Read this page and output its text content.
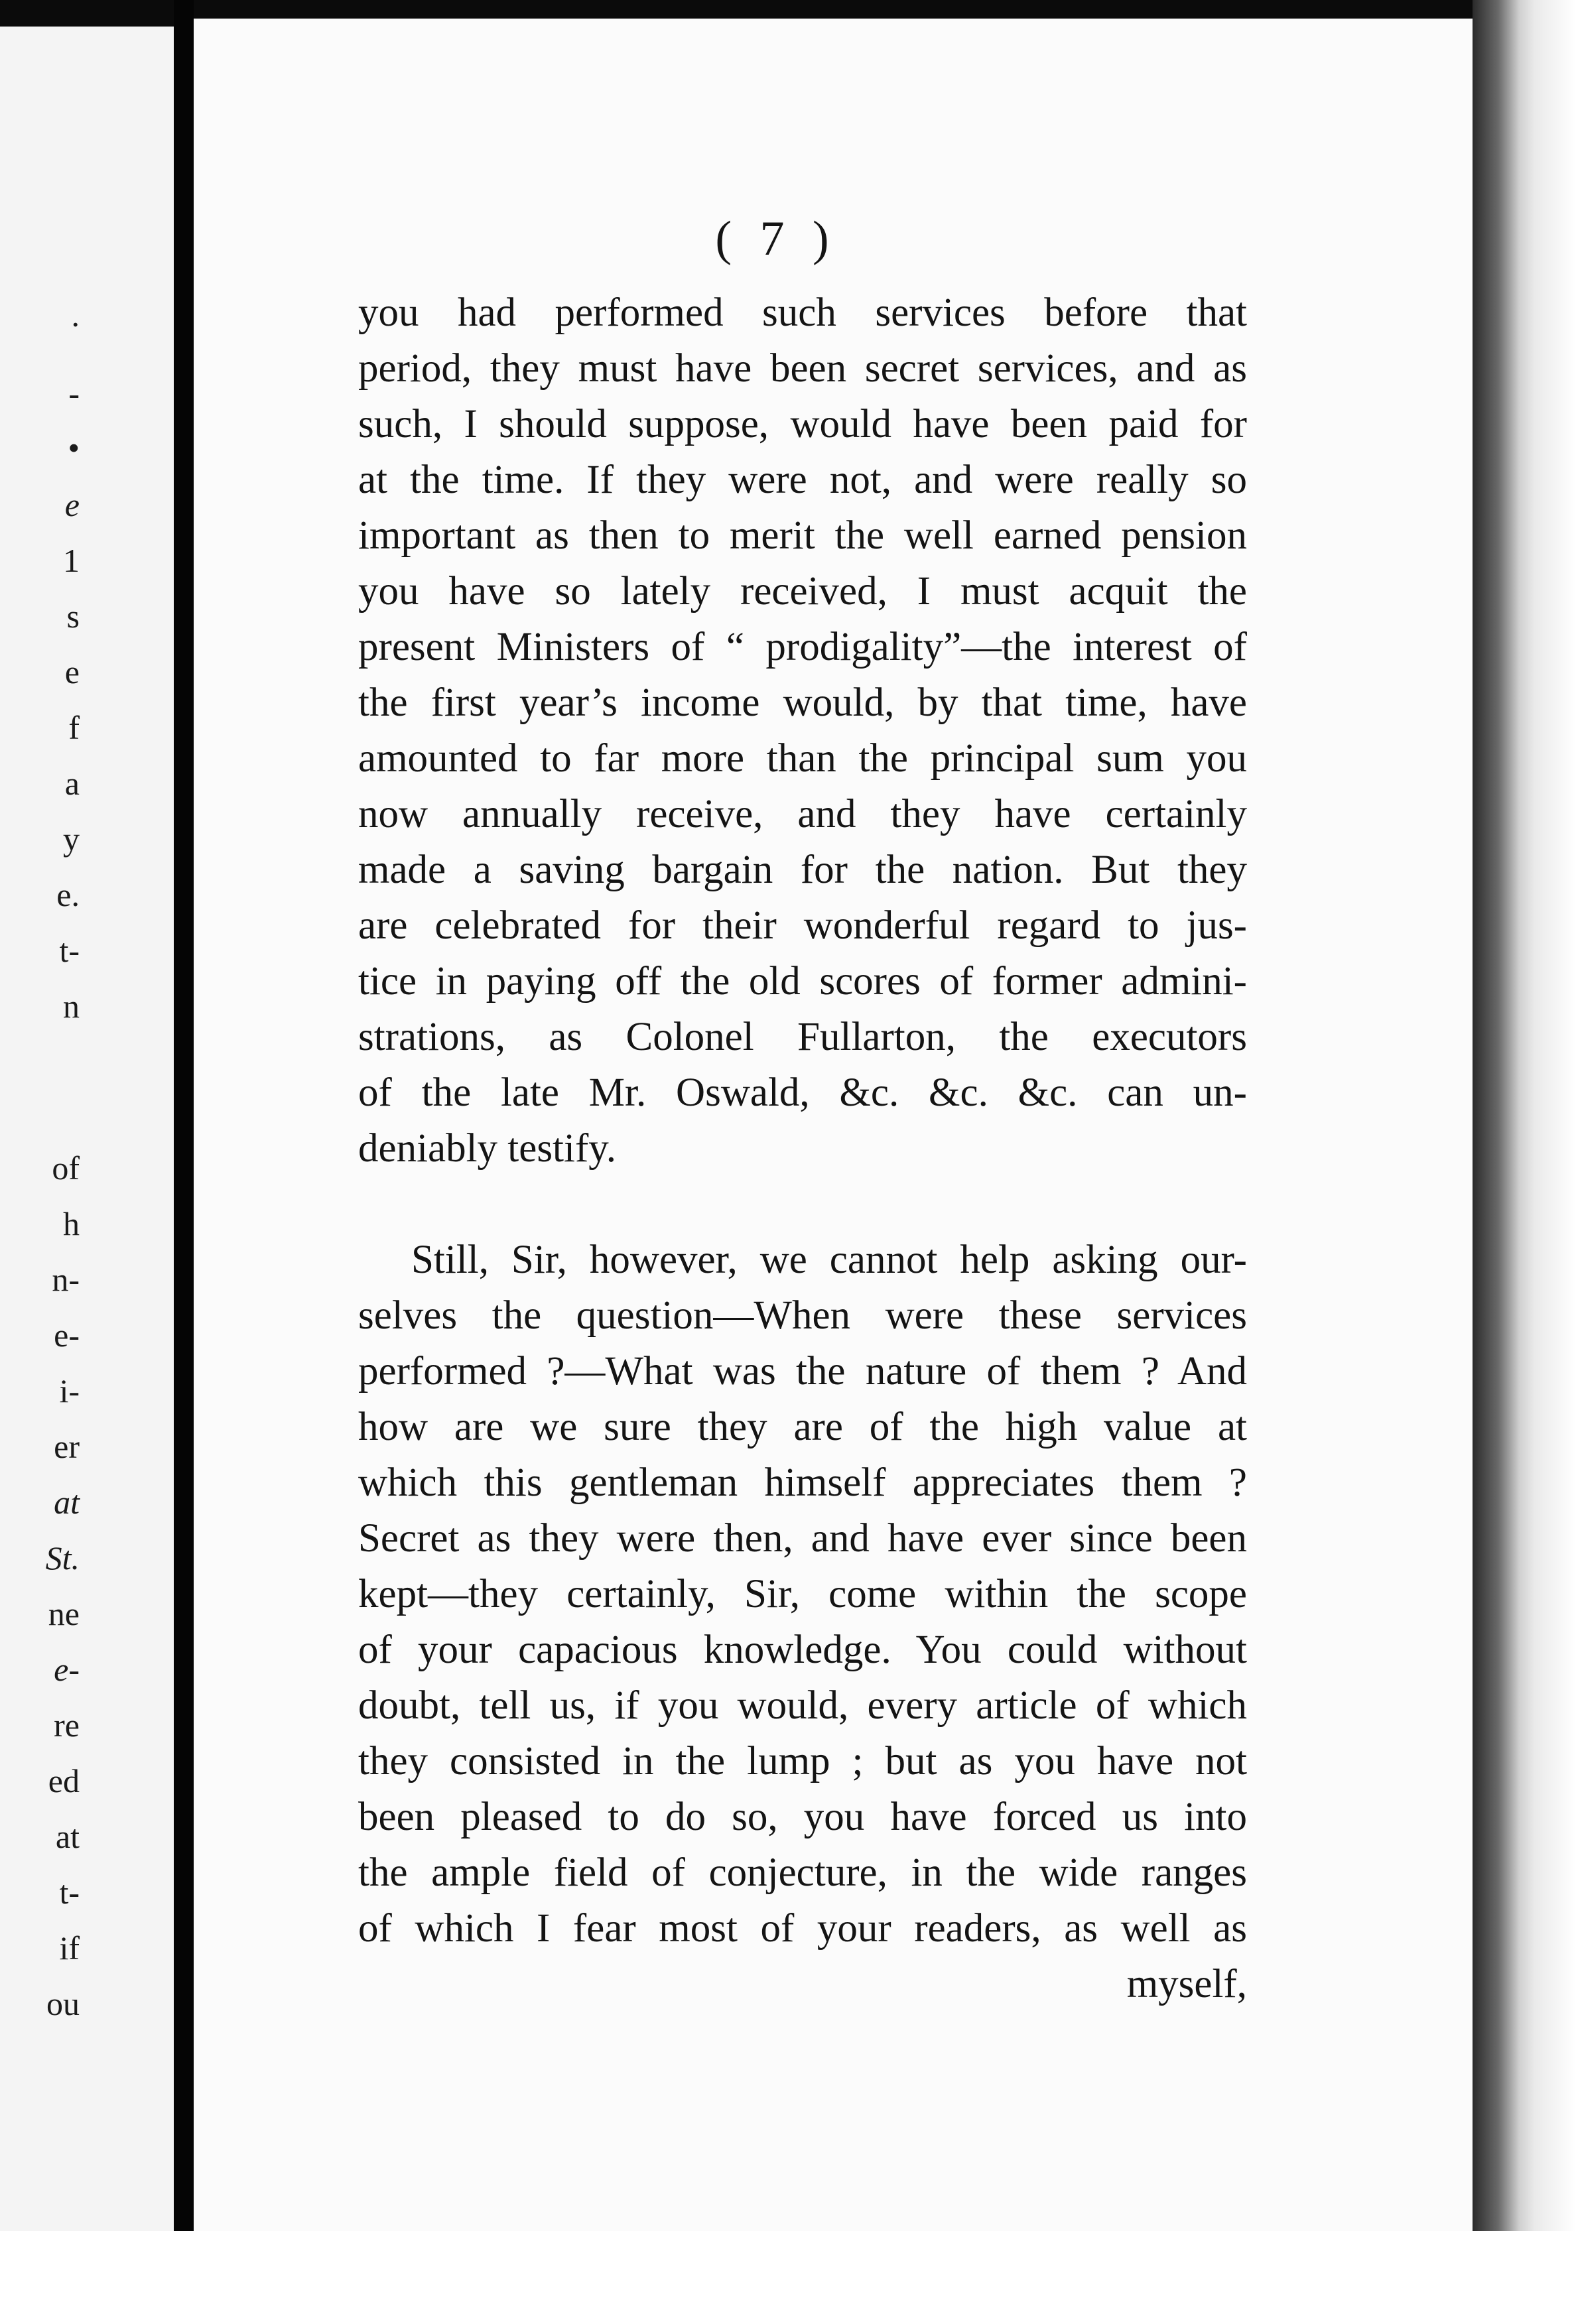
.
-
•
e
1
s
e
f
a
y
e.
t-
n
of
h
n-
e-
i-
er
at
St.
ne
e-
re
ed
at
t-
if
ou
( 7 )
you had performed such services before that
period, they must have been secret services, and as
such, I should suppose, would have been paid for
at the time. If they were not, and were really so
important as then to merit the well earned pension
you have so lately received, I must acquit the
present Ministers of “ prodigality”—the interest of
the first year’s income would, by that time, have
amounted to far more than the principal sum you
now annually receive, and they have certainly
made a saving bargain for the nation. But they
are celebrated for their wonderful regard to jus-
tice in paying off the old scores of former admini-
strations, as Colonel Fullarton, the executors
of the late Mr. Oswald, &c. &c. &c. can un-
deniably testify.
Still, Sir, however, we cannot help asking our-
selves the question—When were these services
performed ?—What was the nature of them ? And
how are we sure they are of the high value at
which this gentleman himself appreciates them ?
Secret as they were then, and have ever since been
kept—they certainly, Sir, come within the scope
of your capacious knowledge. You could without
doubt, tell us, if you would, every article of which
they consisted in the lump ; but as you have not
been pleased to do so, you have forced us into
the ample field of conjecture, in the wide ranges
of which I fear most of your readers, as well as
myself,
